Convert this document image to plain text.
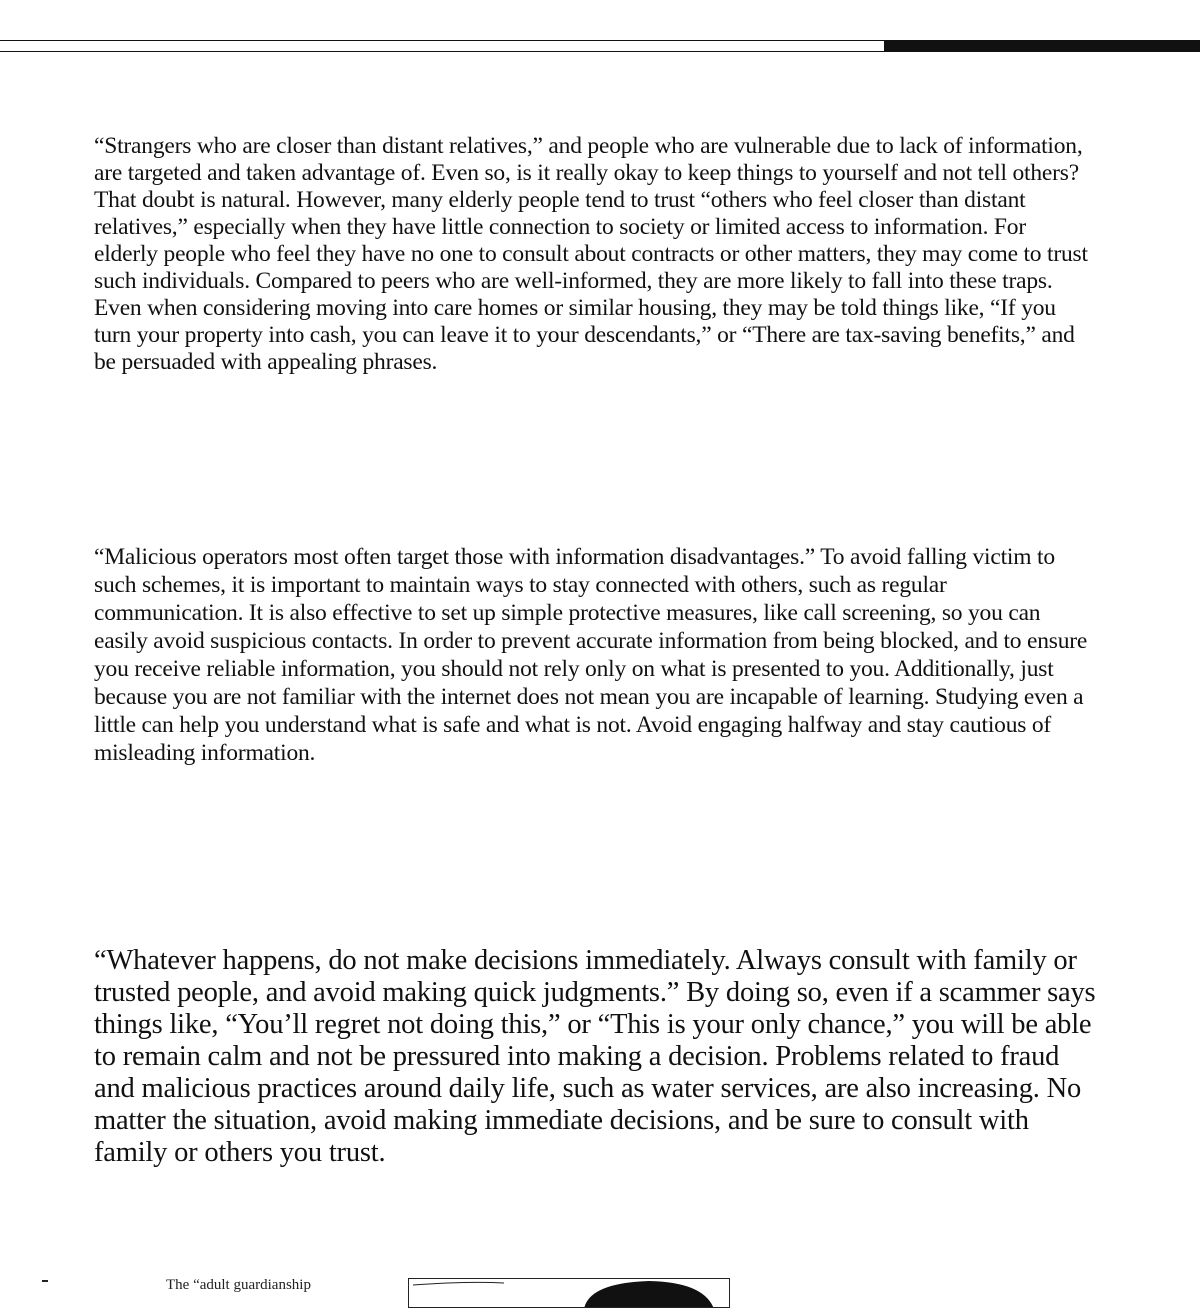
“Strangers who are closer than distant relatives,” and people who are vulnerable due to lack of information, are targeted and taken advantage of. Even so, is it really okay to keep things to yourself and not tell others? That doubt is natural. However, many elderly people tend to trust “others who feel closer than distant relatives,” especially when they have little connection to society or limited access to information. For elderly people who feel they have no one to consult about contracts or other matters, they may come to trust such individuals. Compared to peers who are well-informed, they are more likely to fall into these traps. Even when considering moving into care homes or similar housing, they may be told things like, “If you turn your property into cash, you can leave it to your descendants,” or “There are tax-saving benefits,” and be persuaded with appealing phrases.

“Malicious operators most often target those with information disadvantages.” To avoid falling victim to such schemes, it is important to maintain ways to stay connected with others, such as regular communication. It is also effective to set up simple protective measures, like call screening, so you can easily avoid suspicious contacts. In order to prevent accurate information from being blocked, and to ensure you receive reliable information, you should not rely only on what is presented to you. Additionally, just because you are not familiar with the internet does not mean you are incapable of learning. Studying even a little can help you understand what is safe and what is not. Avoid engaging halfway and stay cautious of misleading information.

“Whatever happens, do not make decisions immediately. Always consult with family or trusted people, and avoid making quick judgments.” By doing so, even if a scammer says things like, “You’ll regret not doing this,” or “This is your only chance,” you will be able to remain calm and not be pressured into making a decision. Problems related to fraud and malicious practices around daily life, such as water services, are also increasing. No matter the situation, avoid making immediate decisions, and be sure to consult with family or others you trust.

The “adult guardianship
